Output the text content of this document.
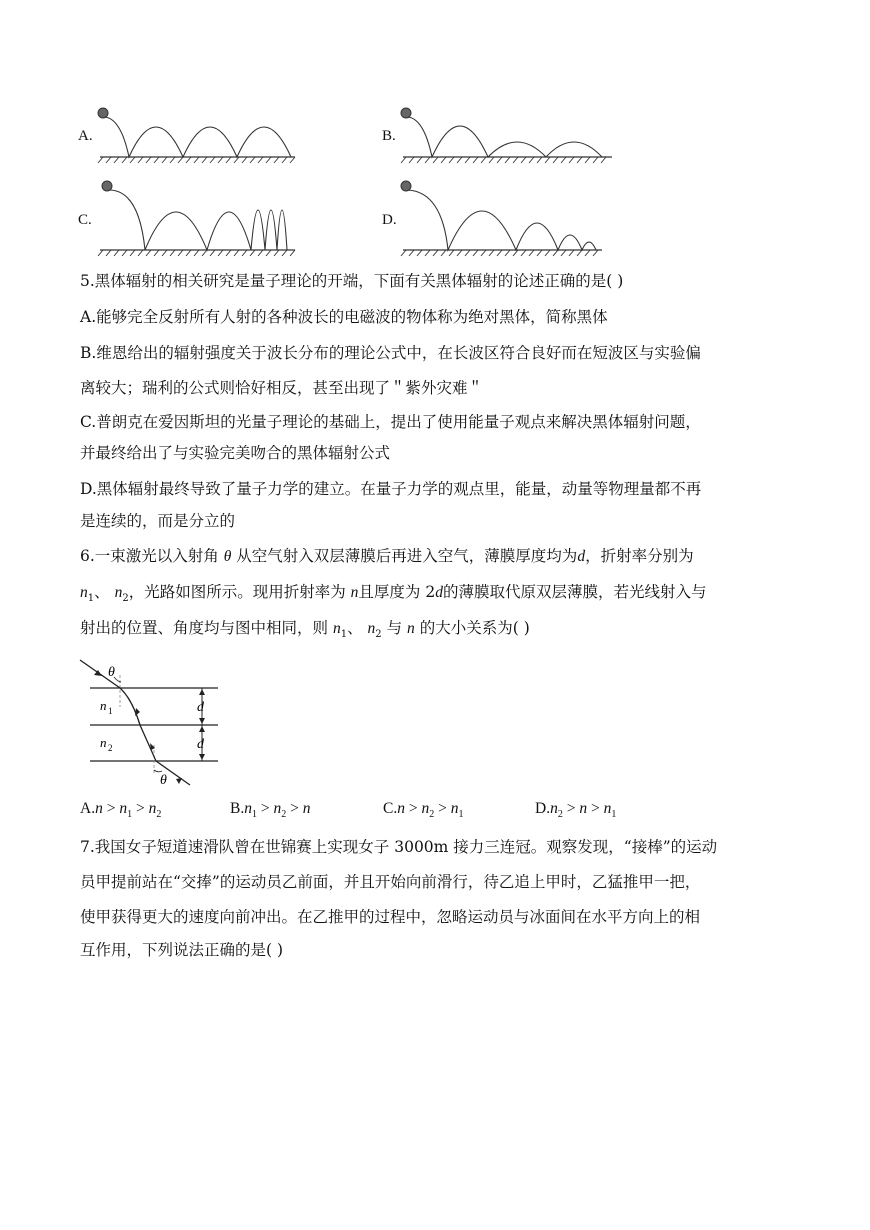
A.	B.
C.	D.
5.黑体辐射的相关研究是量子理论的开端，下面有关黑体辐射的论述正确的是( )
A.能够完全反射所有人射的各种波长的电磁波的物体称为绝对黑体，简称黑体
B.维恩给出的辐射强度关于波长分布的理论公式中，在长波区符合良好而在短波区与实验偏
离较大；瑞利的公式则恰好相反，甚至出现了＂紫外灾难＂
C.普朗克在爱因斯坦的光量子理论的基础上，提出了使用能量子观点来解决黑体辐射问题，
并最终给出了与实验完美吻合的黑体辐射公式
D.黑体辐射最终导致了量子力学的建立。在量子力学的观点里，能量，动量等物理量都不再
是连续的，而是分立的
6.一束激光以入射角 θ 从空气射入双层薄膜后再进入空气，薄膜厚度均为d，折射率分别为
$n_1$、 $n_2$，光路如图所示。现用折射率为 n且厚度为 2d的薄膜取代原双层薄膜，若光线射入与
射出的位置、角度均与图中相同，则 $n_1$、 $n_2$ 与 n 的大小关系为( )
θ
θ
d
d
n 1
n 2
$A.n > n_1 > n_2$	$B.n_1 > n_2 > n$	$C.n > n_2 > n_1$	$D.n_2 > n > n_1$
7.我国女子短道速滑队曾在世锦赛上实现女子 3000m 接力三连冠。观察发现，“接棒”的运动
员甲提前站在“交捧”的运动员乙前面，并且开始向前滑行，待乙追上甲时，乙猛推甲一把，
使甲获得更大的速度向前冲出。在乙推甲的过程中，忽略运动员与冰面间在水平方向上的相
互作用，下列说法正确的是( )
